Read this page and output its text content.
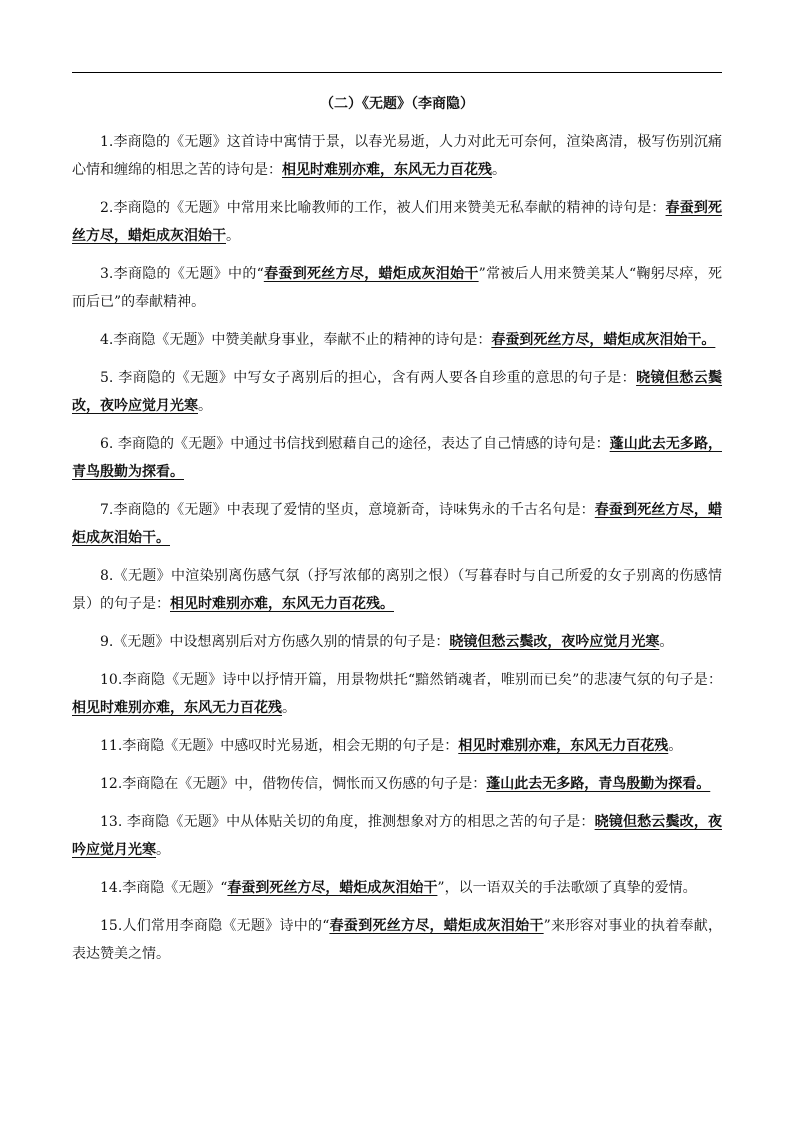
（二）《无题》（李商隐）

1.李商隐的《无题》这首诗中寓情于景，以春光易逝，人力对此无可奈何，渲染离清，极写伤别沉痛心情和缠绵的相思之苦的诗句是：相见时难别亦难，东风无力百花残。

2.李商隐的《无题》中常用来比喻教师的工作，被人们用来赞美无私奉献的精神的诗句是：春蚕到死丝方尽，蜡炬成灰泪始干。

3.李商隐的《无题》中的“春蚕到死丝方尽，蜡炬成灰泪始干”常被后人用来赞美某人“鞠躬尽瘁，死而后已”的奉献精神。

4.李商隐《无题》中赞美献身事业，奉献不止的精神的诗句是：春蚕到死丝方尽，蜡炬成灰泪始干。

5. 李商隐的《无题》中写女子离别后的担心，含有两人要各自珍重的意思的句子是：晓镜但愁云鬓改，夜吟应觉月光寒。

6. 李商隐的《无题》中通过书信找到慰藉自己的途径，表达了自己情感的诗句是：蓬山此去无多路，青鸟殷勤为探看。

7.李商隐的《无题》中表现了爱情的坚贞，意境新奇，诗味隽永的千古名句是：春蚕到死丝方尽，蜡炬成灰泪始干。

8.《无题》中渲染别离伤感气氛（抒写浓郁的离别之恨）（写暮春时与自己所爱的女子别离的伤感情景）的句子是：相见时难别亦难，东风无力百花残。

9.《无题》中设想离别后对方伤感久别的情景的句子是：晓镜但愁云鬓改，夜吟应觉月光寒。

10.李商隐《无题》诗中以抒情开篇，用景物烘托“黯然销魂者，唯别而已矣”的悲凄气氛的句子是：相见时难别亦难，东风无力百花残。

11.李商隐《无题》中感叹时光易逝，相会无期的句子是：相见时难别亦难，东风无力百花残。

12.李商隐在《无题》中，借物传信，惆怅而又伤感的句子是：蓬山此去无多路，青鸟殷勤为探看。

13. 李商隐《无题》中从体贴关切的角度，推测想象对方的相思之苦的句子是：晓镜但愁云鬓改，夜吟应觉月光寒。

14.李商隐《无题》“春蚕到死丝方尽，蜡炬成灰泪始干”，以一语双关的手法歌颂了真挚的爱情。

15.人们常用李商隐《无题》诗中的“春蚕到死丝方尽，蜡炬成灰泪始干”来形容对事业的执着奉献，表达赞美之情。
